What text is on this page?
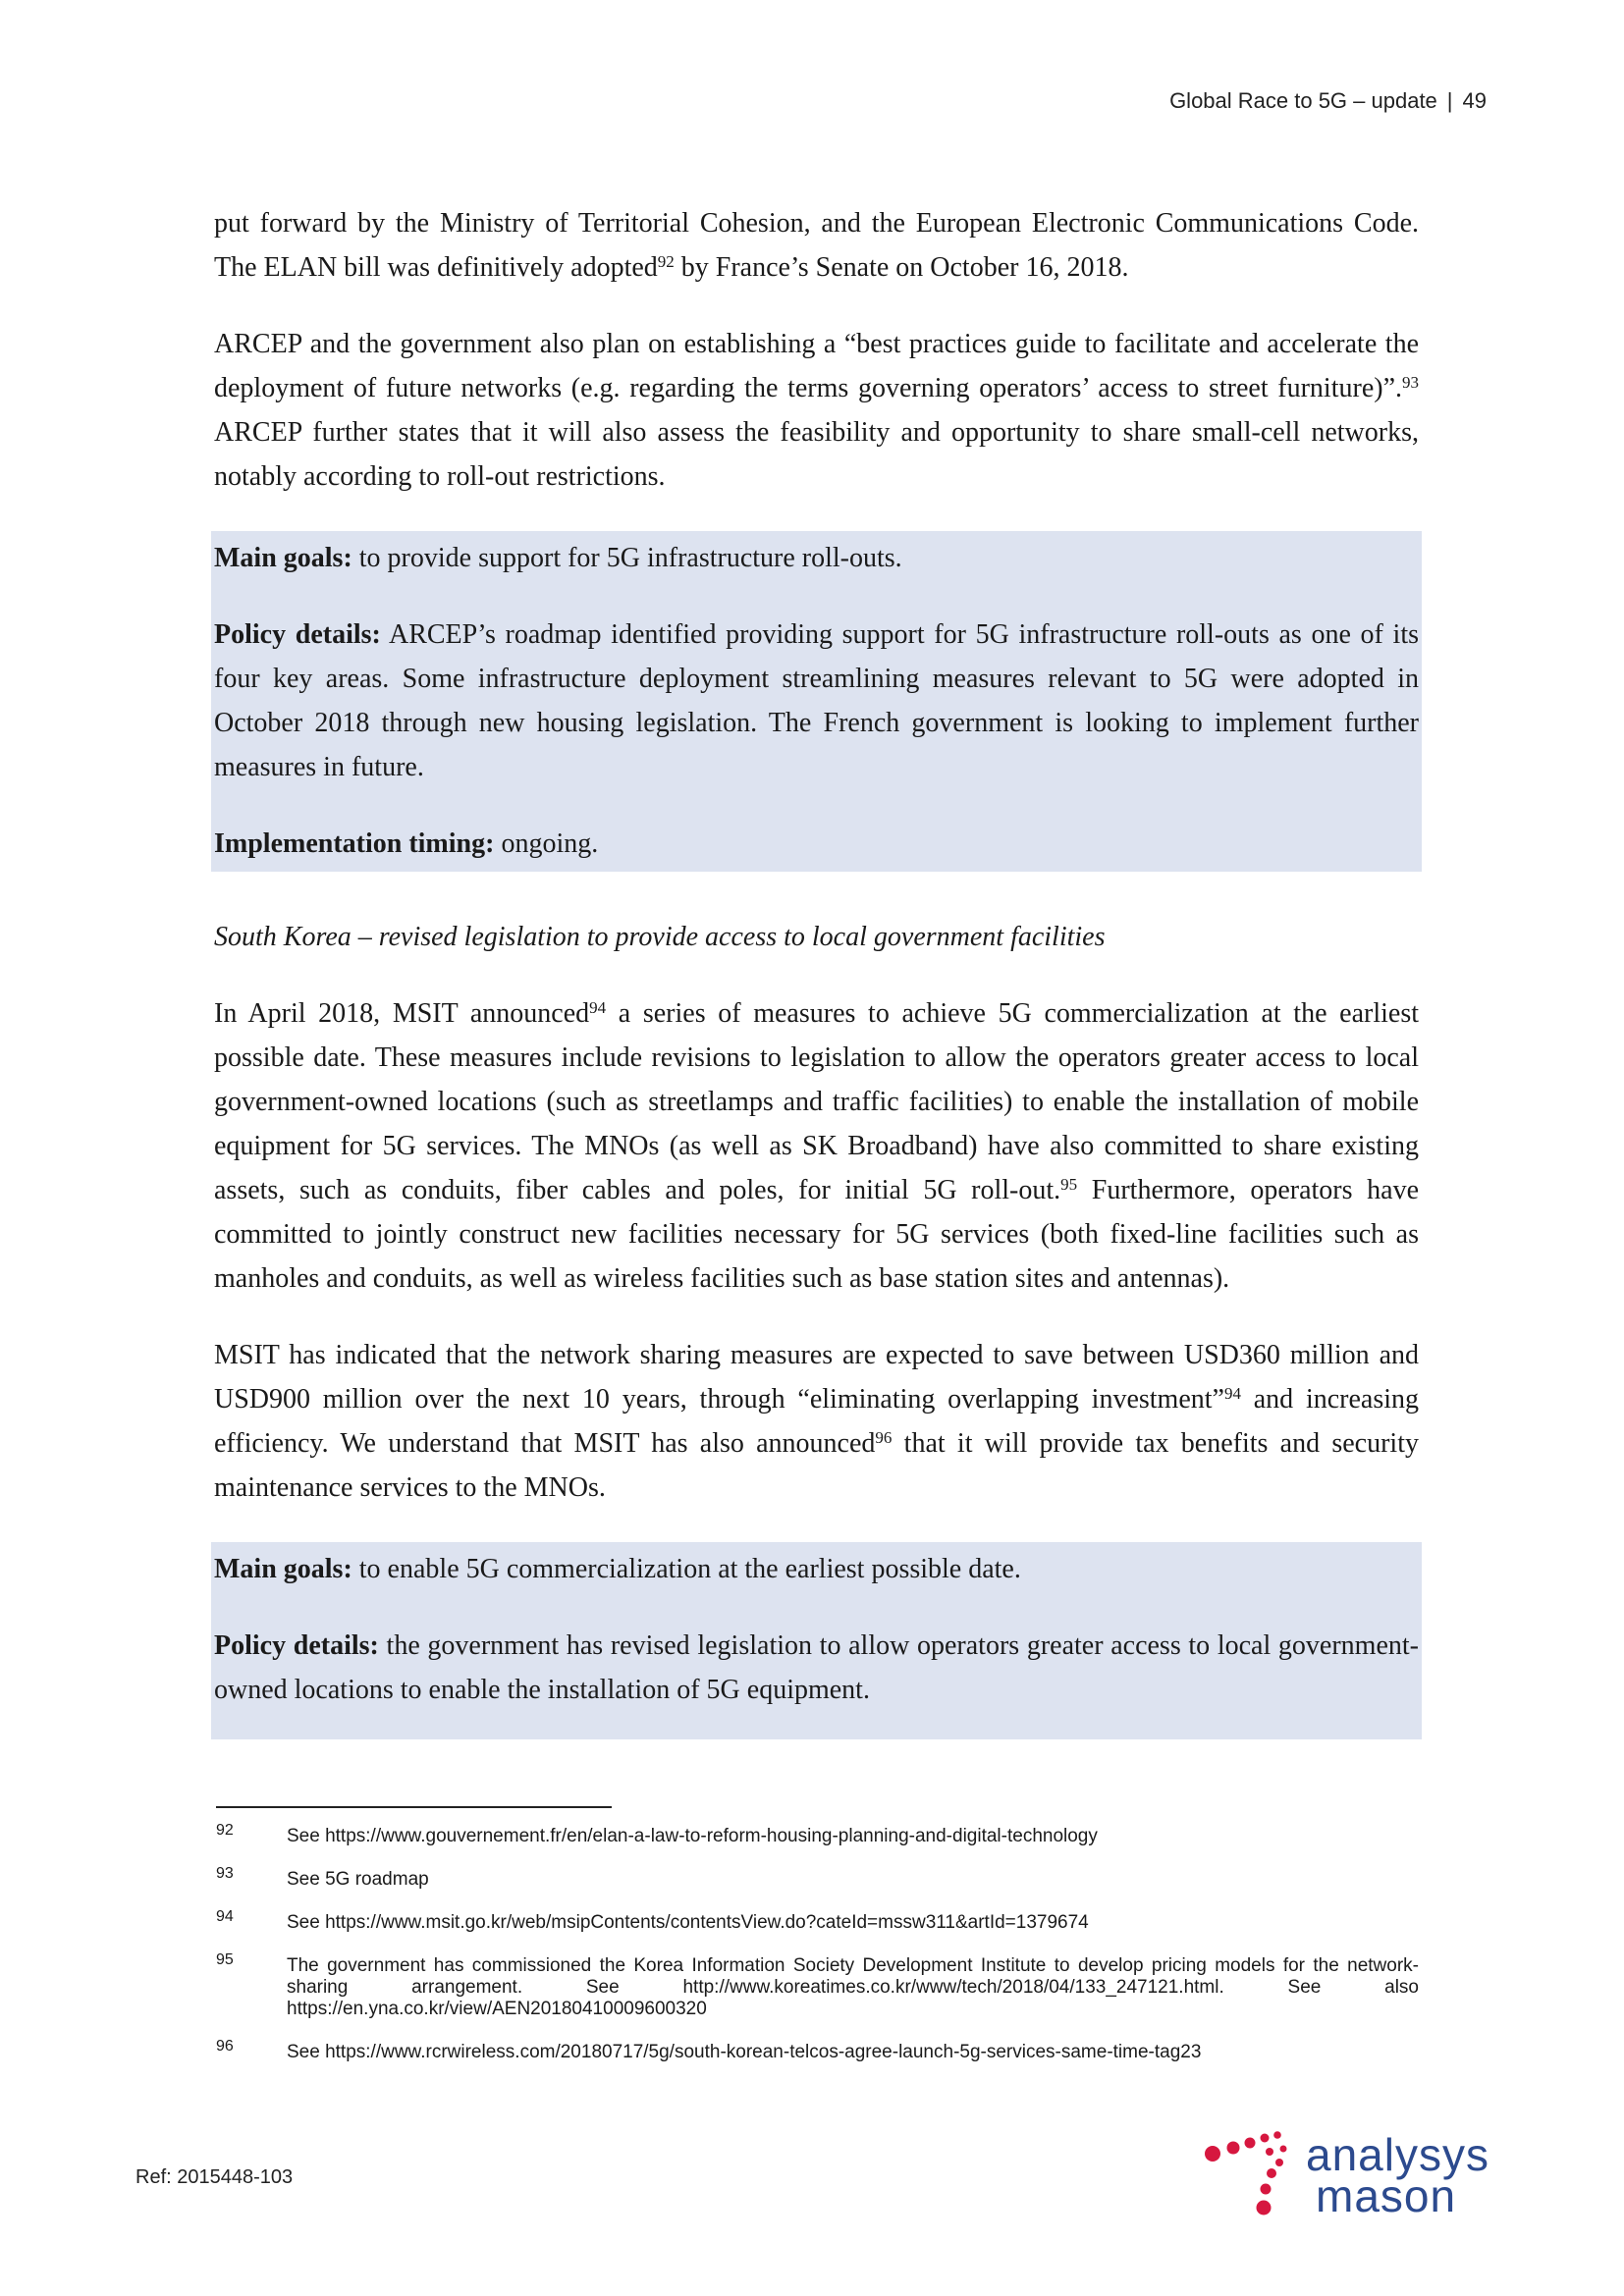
Global Race to 5G – update | 49

put forward by the Ministry of Territorial Cohesion, and the European Electronic Communications Code. The ELAN bill was definitively adopted$^{92}$ by France’s Senate on October 16, 2018.

ARCEP and the government also plan on establishing a “best practices guide to facilitate and accelerate the deployment of future networks (e.g. regarding the terms governing operators’ access to street furniture)”.$^{93}$ ARCEP further states that it will also assess the feasibility and opportunity to share small-cell networks, notably according to roll-out restrictions.

Main goals: to provide support for 5G infrastructure roll-outs.

Policy details: ARCEP’s roadmap identified providing support for 5G infrastructure roll-outs as one of its four key areas. Some infrastructure deployment streamlining measures relevant to 5G were adopted in October 2018 through new housing legislation. The French government is looking to implement further measures in future.

Implementation timing: ongoing.

South Korea – revised legislation to provide access to local government facilities

In April 2018, MSIT announced$^{94}$ a series of measures to achieve 5G commercialization at the earliest possible date. These measures include revisions to legislation to allow the operators greater access to local government-owned locations (such as streetlamps and traffic facilities) to enable the installation of mobile equipment for 5G services. The MNOs (as well as SK Broadband) have also committed to share existing assets, such as conduits, fiber cables and poles, for initial 5G roll-out.$^{95}$ Furthermore, operators have committed to jointly construct new facilities necessary for 5G services (both fixed-line facilities such as manholes and conduits, as well as wireless facilities such as base station sites and antennas).

MSIT has indicated that the network sharing measures are expected to save between USD360 million and USD900 million over the next 10 years, through “eliminating overlapping investment”$^{94}$ and increasing efficiency. We understand that MSIT has also announced$^{96}$ that it will provide tax benefits and security maintenance services to the MNOs.

Main goals: to enable 5G commercialization at the earliest possible date.

Policy details: the government has revised legislation to allow operators greater access to local government-owned locations to enable the installation of 5G equipment.

92	See https://www.gouvernement.fr/en/elan-a-law-to-reform-housing-planning-and-digital-technology
93	See 5G roadmap
94	See https://www.msit.go.kr/web/msipContents/contentsView.do?cateId=mssw311&artId=1379674
95	The government has commissioned the Korea Information Society Development Institute to develop pricing models for the network-sharing arrangement. See http://www.koreatimes.co.kr/www/tech/2018/04/133_247121.html. See also https://en.yna.co.kr/view/AEN20180410009600320
96	See https://www.rcrwireless.com/20180717/5g/south-korean-telcos-agree-launch-5g-services-same-time-tag23
Ref: 2015448-103	analysys
mason
